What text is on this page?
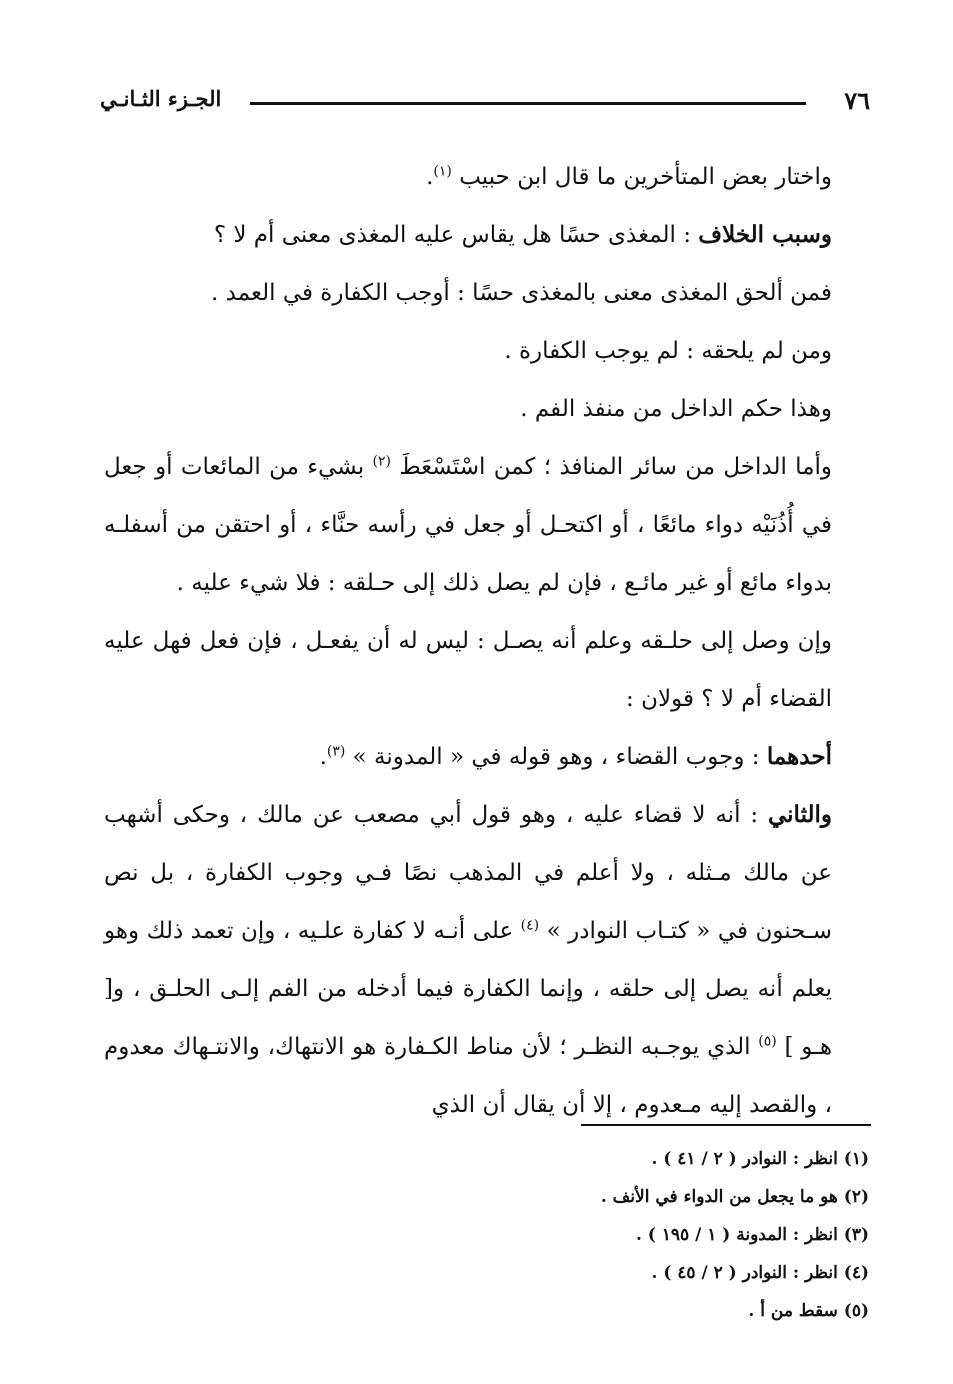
الجـزء الثـانـي	٧٦

واختار بعض المتأخرين ما قال ابن حبيب $^{(١)}$.

وسبب الخلاف : المغذى حسًا هل يقاس عليه المغذى معنى أم لا ؟

فمن ألحق المغذى معنى بالمغذى حسًا : أوجب الكفارة في العمد .

ومن لم يلحقه : لم يوجب الكفارة .

وهذا حكم الداخل من منفذ الفم .

وأما الداخل من سائر المنافذ ؛ كمن اسْتَسْعَطَ $^{(٢)}$ بشيء من المائعات أو جعل في أُذُنَيْه دواء مائعًا ، أو اكتحـل أو جعل في رأسه حنَّاء ، أو احتقن من أسفلـه بدواء مائع أو غير مائـع ، فإن لم يصل ذلك إلى حـلقه : فلا شيء عليه .

وإن وصل إلى حلـقه وعلم أنه يصـل : ليس له أن يفعـل ، فإن فعل فهل عليه القضاء أم لا ؟ قولان :

أحدهما : وجوب القضاء ، وهو قوله في « المدونة » $^{(٣)}$.

والثاني : أنه لا قضاء عليه ، وهو قول أبي مصعب عن مالك ، وحكى أشهب عن مالك مـثله ، ولا أعلم في المذهب نصًا فـي وجوب الكفارة ، بل نص سـحنون في « كتـاب النوادر » $^{(٤)}$ على أنـه لا كفارة علـيه ، وإن تعمد ذلك وهو يعلم أنه يصل إلى حلقه ، وإنما الكفارة فيما أدخله من الفم إلـى الحلـق ، و[ هـو ] $^{(٥)}$ الذي يوجـبه النظـر ؛ لأن مناط الكـفارة هو الانتهاك، والانتـهاك معدوم ، والقصد إليه مـعدوم ، إلا أن يقال أن الذي

(١) انظر : النوادر ( ٢ / ٤١ ) .
(٢) هو ما يجعل من الدواء في الأنف .
(٣) انظر : المدونة ( ١ / ١٩٥ ) .
(٤) انظر : النوادر ( ٢ / ٤٥ ) .
(٥) سقط من أ .
